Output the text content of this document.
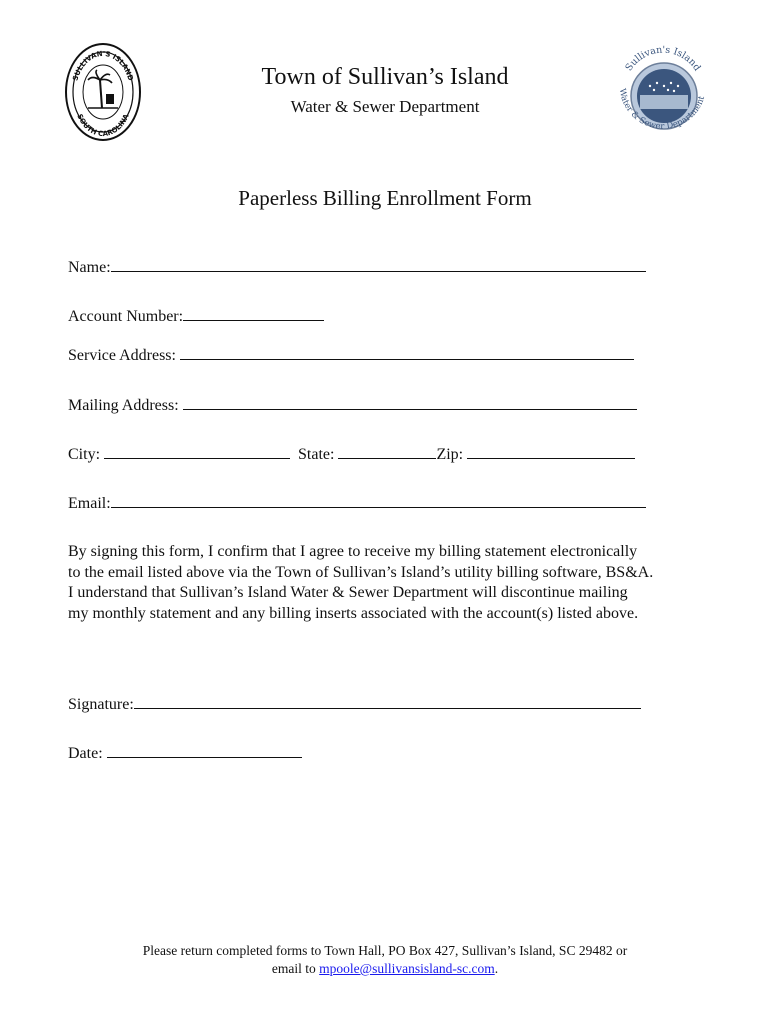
SULLIVAN'S ISLAND
SOUTH CAROLINA
Sullivan's Island
Water & Sewer Department
Town of Sullivan’s Island
Water & Sewer Department
Paperless Billing Enrollment Form
Name:
Account Number:
Service Address:
Mailing Address:
City:	State:	Zip:
Email:
By signing this form, I confirm that I agree to receive my billing statement electronically
to the email listed above via the Town of Sullivan’s Island’s utility billing software, BS&A.
I understand that Sullivan’s Island Water & Sewer Department will discontinue mailing
my monthly statement and any billing inserts associated with the account(s) listed above.
Signature:
Date:
Please return completed forms to Town Hall, PO Box 427, Sullivan’s Island, SC 29482 or
email to mpoole@sullivansisland-sc.com.
